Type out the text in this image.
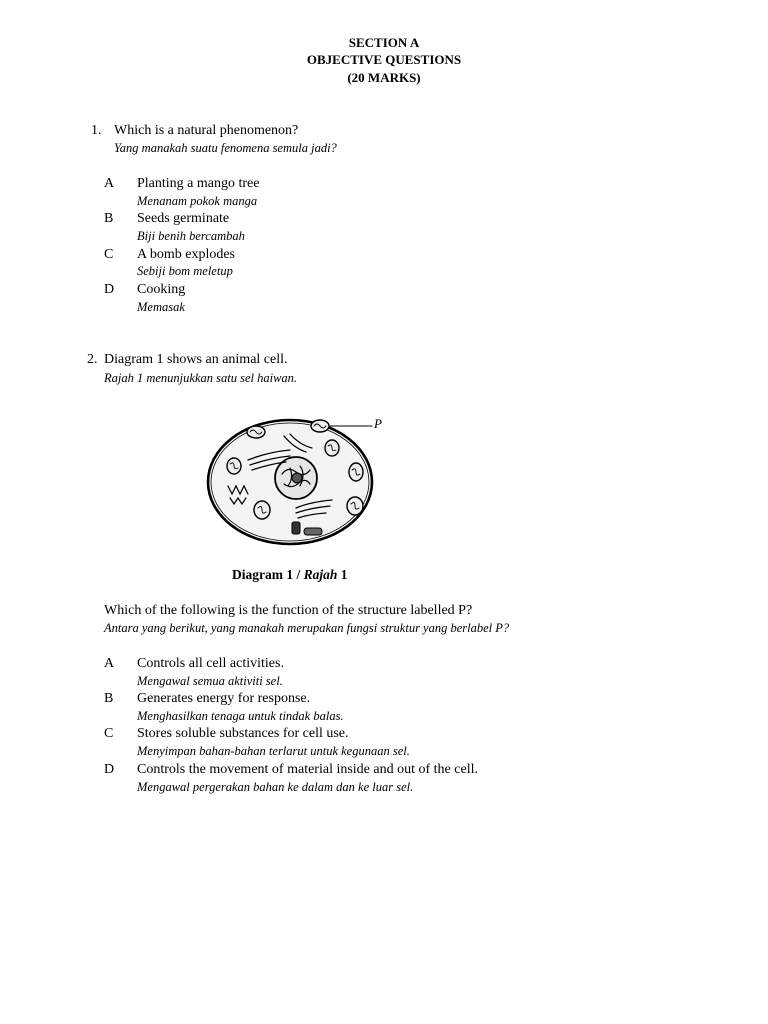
SECTION A
OBJECTIVE QUESTIONS
(20 MARKS)
1. Which is a natural phenomenon?
Yang manakah suatu fenomena semula jadi?
A Planting a mango tree
Menanam pokok manga
B Seeds germinate
Biji benih bercambah
C A bomb explodes
Sebiji bom meletup
D Cooking
Memasak
2. Diagram 1 shows an animal cell.
Rajah 1 menunjukkan satu sel haiwan.
P
Diagram 1 / Rajah 1
Which of the following is the function of the structure labelled P?
Antara yang berikut, yang manakah merupakan fungsi struktur yang berlabel P?
A Controls all cell activities.
Mengawal semua aktiviti sel.
B Generates energy for response.
Menghasilkan tenaga untuk tindak balas.
C Stores soluble substances for cell use.
Menyimpan bahan-bahan terlarut untuk kegunaan sel.
D Controls the movement of material inside and out of the cell.
Mengawal pergerakan bahan ke dalam dan ke luar sel.
